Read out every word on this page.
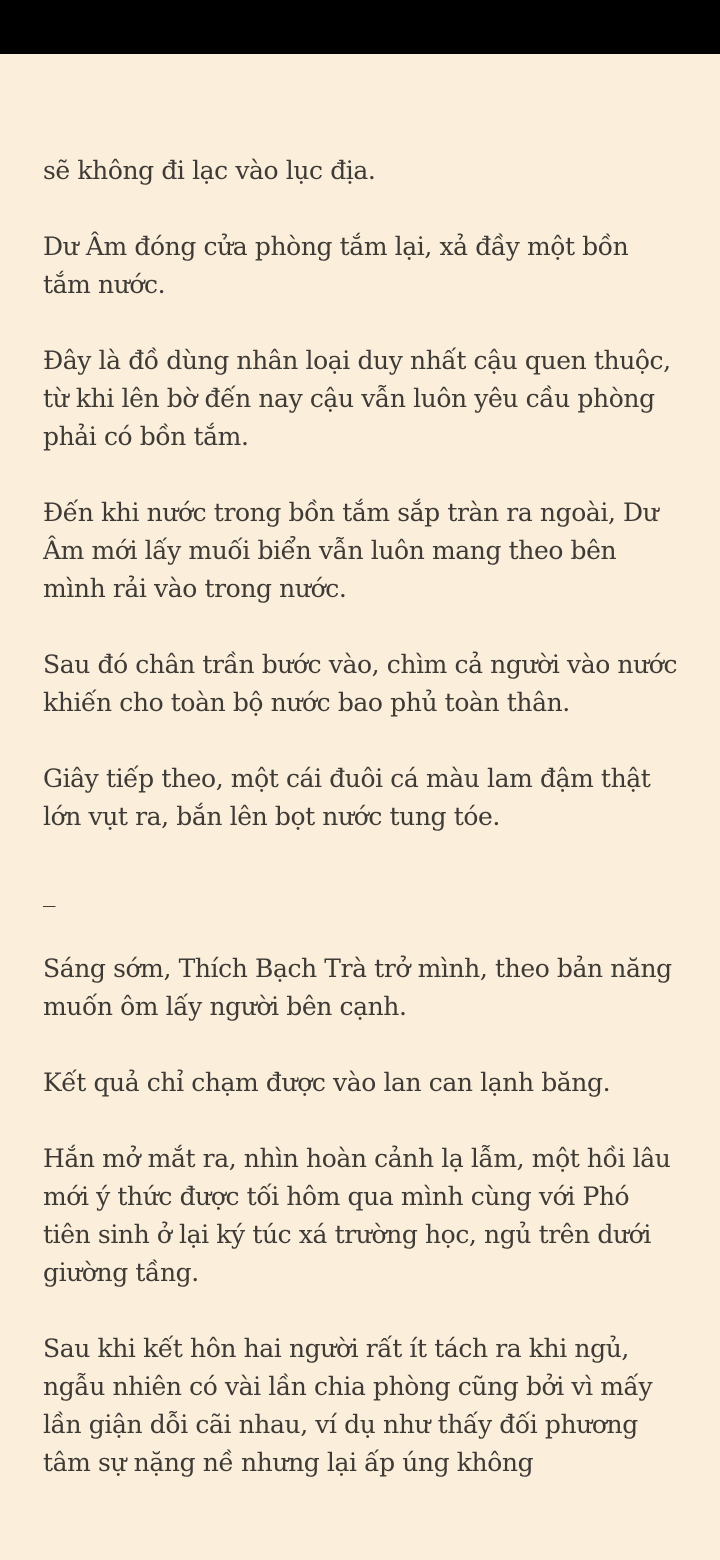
sẽ không đi lạc vào lục địa.

Dư Âm đóng cửa phòng tắm lại, xả đầy một bồn tắm nước.

Đây là đồ dùng nhân loại duy nhất cậu quen thuộc, từ khi lên bờ đến nay cậu vẫn luôn yêu cầu phòng phải có bồn tắm.

Đến khi nước trong bồn tắm sắp tràn ra ngoài, Dư Âm mới lấy muối biển vẫn luôn mang theo bên mình rải vào trong nước.

Sau đó chân trần bước vào, chìm cả người vào nước khiến cho toàn bộ nước bao phủ toàn thân.

Giây tiếp theo, một cái đuôi cá màu lam đậm thật lớn vụt ra, bắn lên bọt nước tung tóe.

_

Sáng sớm, Thích Bạch Trà trở mình, theo bản năng muốn ôm lấy người bên cạnh.

Kết quả chỉ chạm được vào lan can lạnh băng.

Hắn mở mắt ra, nhìn hoàn cảnh lạ lẫm, một hồi lâu mới ý thức được tối hôm qua mình cùng với Phó tiên sinh ở lại ký túc xá trường học, ngủ trên dưới giường tầng.

Sau khi kết hôn hai người rất ít tách ra khi ngủ, ngẫu nhiên có vài lần chia phòng cũng bởi vì mấy lần giận dỗi cãi nhau, ví dụ như thấy đối phương tâm sự nặng nề nhưng lại ấp úng không
